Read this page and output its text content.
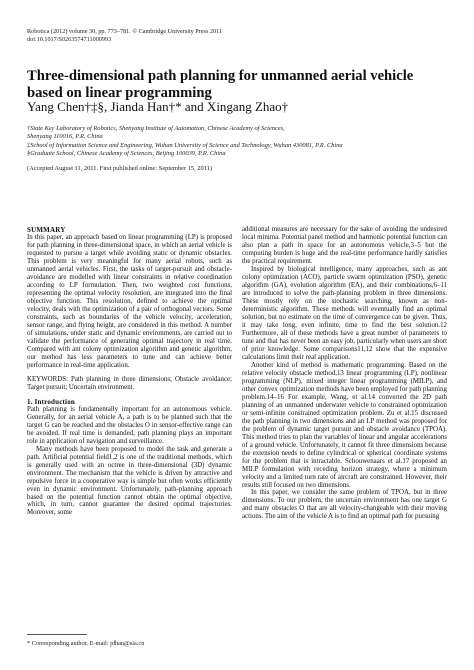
Robotica (2012) volume 30, pp. 773–781. © Cambridge University Press 2011
doi:10.1017/S0263574711000993
Three-dimensional path planning for unmanned aerial vehicle based on linear programming
Yang Chen†‡§, Jianda Han†* and Xingang Zhao†
†State Key Laboratory of Robotics, Shenyang Institute of Automation, Chinese Academy of Sciences,
Shenyang 110016, P.R. China
‡School of Information Science and Engineering, Wuhan University of Science and Technology, Wuhan 430081, P.R. China
§Graduate School, Chinese Academy of Sciences, Beijing 100039, P.R. China
(Accepted August 11, 2011. First published online: September 15, 2011)

SUMMARY

In this paper, an approach based on linear programming (LP) is proposed for path planning in three-dimensional space, in which an aerial vehicle is requested to pursue a target while avoiding static or dynamic obstacles. This problem is very meaningful for many aerial robots, such as unmanned aerial vehicles. First, the tasks of target-pursuit and obstacle-avoidance are modelled with linear constraints in relative coordination according to LP formulation. Then, two weighted cost functions, representing the optimal velocity resolution, are integrated into the final objective function. This resolution, defined to achieve the optimal velocity, deals with the optimization of a pair of orthogonal vectors. Some constraints, such as boundaries of the vehicle velocity, acceleration, sensor range, and flying height, are considered in this method. A number of simulations, under static and dynamic environments, are carried out to validate the performance of generating optimal trajectory in real time. Compared with ant colony optimization algorithm and genetic algorithm, our method has less parameters to tune and can achieve better performance in real-time application.

KEYWORDS: Path planning in three dimensions; Obstacle avoidance; Target pursuit; Uncertain environment.

1. Introduction

Path planning is fundamentally important for an autonomous vehicle. Generally, for an aerial vehicle A, a path is to be planned such that the target G can be reached and the obstacles O in sensor-effective range can be avoided. If real time is demanded, path planning plays an important role in application of navigation and surveillance.

Many methods have been proposed to model the task and generate a path. Artificial potential field1,2 is one of the traditional methods, which is generally used with an octree in three-dimensional (3D) dynamic environment. The mechanism that the vehicle is driven by attractive and repulsive force in a cooperative way is simple but often works efficiently even in dynamic environment. Unfortunately, path-planning approach based on the potential function cannot obtain the optimal objective, which, in turn, cannot guarantee the desired optimal trajectories. Moreover, some

additional measures are necessary for the sake of avoiding the undesired local minima. Potential panel method and harmonic potential function can also plan a path in space for an autonomous vehicle,3–5 but the computing burden is huge and the real-time performance hardly satisfies the practical requirement.

Inspired by biological intelligence, many approaches, such as ant colony optimization (ACO), particle swarm optimization (PSO), genetic algorithm (GA), evolution algorithm (EA), and their combinations,6–11 are introduced to solve the path-planning problem in three dimensions. These mostly rely on the stochastic searching, known as non-deterministic algorithm. These methods will eventually find an optimal solution, but no estimate on the time of convergence can be given. Thus, it may take long, even infinite, time to find the best solution.12 Furthermore, all of these methods have a great number of parameters to tune and that has never been an easy job, particularly when users are short of prior knowledge. Some comparisons11,12 show that the expensive calculations limit their real application.

Another kind of method is mathematic programming. Based on the relative velocity obstacle method,13 linear programming (LP), nonlinear programming (NLP), mixed integer linear programming (MILP), and other convex optimization methods have been employed for path planning problem.14–16 For example, Wang, et al.14 converted the 2D path planning of an unmanned underwater vehicle to constrained optimization or semi-infinite constrained optimization problem. Zu et al.15 discussed the path planning in two dimensions and an LP method was proposed for the problem of dynamic target pursuit and obstacle avoidance (TPOA). This method tries to plan the variables of linear and angular accelerations of a ground vehicle. Unfortunately, it cannot fit three dimensions because the extension needs to define cylindrical or spherical coordinate systems for the problem that is intractable. Schouwenaars et al.17 proposed an MILP formulation with receding horizon strategy, where a minimum velocity and a limited turn rate of aircraft are constrained. However, their results still focused on two dimensions.

In this paper, we consider the same problem of TPOA, but in three dimensions. To our problem, the uncertain environment has one target G and many obstacles O that are all velocity-changeable with their moving actions. The aim of the vehicle A is to find an optimal path for pursuing

* Corresponding author. E-mail: jdhan@sia.cn
